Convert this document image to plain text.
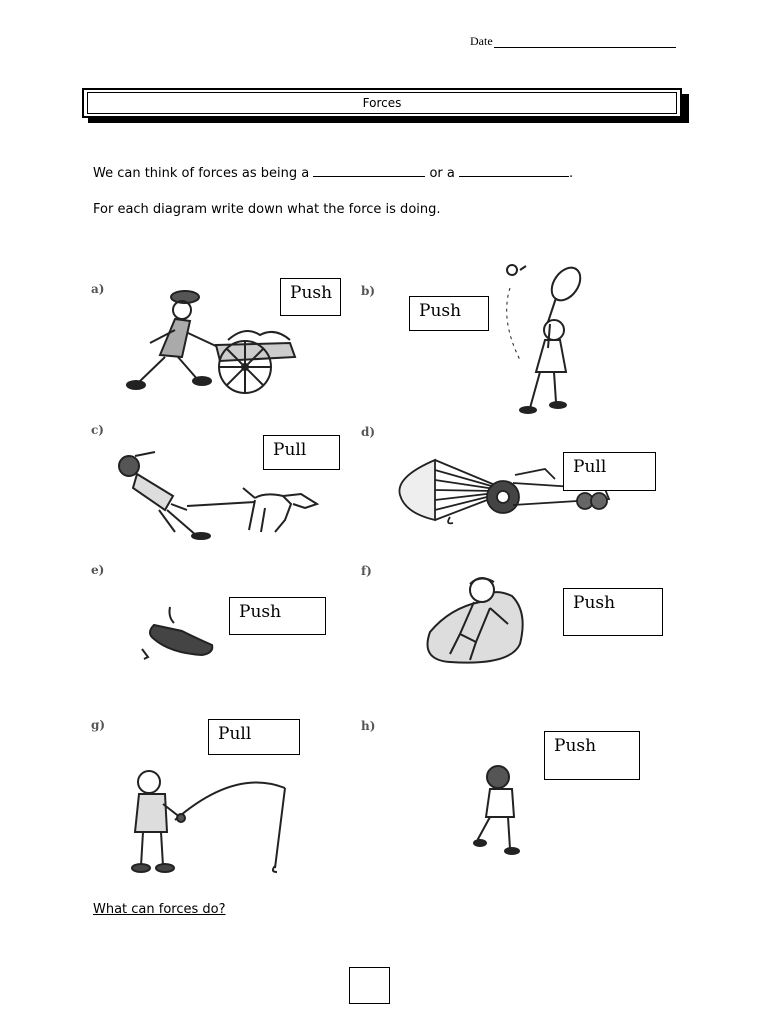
Date
Forces
We can think of forces as being a	or a	.
For each diagram write down what the force is doing.
a)	b)
c)	d)
e)	f)
g)	h)
Push
Push
Pull
Pull
Push	Push
Pull
Push
What can forces do?
